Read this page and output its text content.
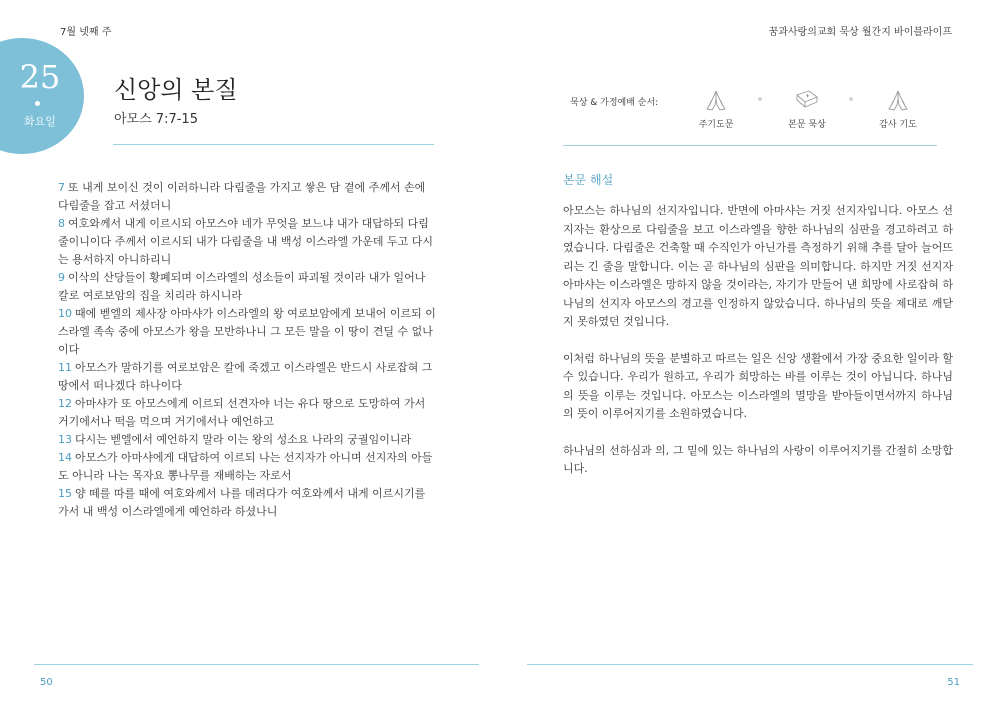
7월 넷째 주	꿈과사랑의교회 묵상 월간지 바이블라이프
25
화요일
신앙의 본질
아모스 7:7-15
묵상 & 가정예배 순서:
주기도문	본문 묵상	감사 기도

7 또 내게 보이신 것이 이러하니라 다림줄을 가지고 쌓은 담 곁에 주께서 손에 다림줄을 잡고 서셨더니

8 여호와께서 내게 이르시되 아모스야 네가 무엇을 보느냐 내가 대답하되 다림줄이니이다 주께서 이르시되 내가 다림줄을 내 백성 이스라엘 가운데 두고 다시는 용서하지 아니하리니

9 이삭의 산당들이 황폐되며 이스라엘의 성소들이 파괴될 것이라 내가 일어나 칼로 여로보암의 집을 치리라 하시니라

10 때에 벧엘의 제사장 아마샤가 이스라엘의 왕 여로보암에게 보내어 이르되 이스라엘 족속 중에 아모스가 왕을 모반하나니 그 모든 말을 이 땅이 견딜 수 없나이다

11 아모스가 말하기를 여로보암은 칼에 죽겠고 이스라엘은 반드시 사로잡혀 그 땅에서 떠나겠다 하나이다

12 아마샤가 또 아모스에게 이르되 선견자야 너는 유다 땅으로 도망하여 가서 거기에서나 떡을 먹으며 거기에서나 예언하고

13 다시는 벧엘에서 예언하지 말라 이는 왕의 성소요 나라의 궁궐임이니라

14 아모스가 아마샤에게 대답하여 이르되 나는 선지자가 아니며 선지자의 아들도 아니라 나는 목자요 뽕나무를 재배하는 자로서

15 양 떼를 따를 때에 여호와께서 나를 데려다가 여호와께서 내게 이르시기를 가서 내 백성 이스라엘에게 예언하라 하셨나니

본문 해설

아모스는 하나님의 선지자입니다. 반면에 아마샤는 거짓 선지자입니다. 아모스 선지자는 환상으로 다림줄을 보고 이스라엘을 향한 하나님의 심판을 경고하려고 하였습니다. 다림줄은 건축할 때 수직인가 아닌가를 측정하기 위해 추를 달아 늘어뜨리는 긴 줄을 말합니다. 이는 곧 하나님의 심판을 의미합니다. 하지만 거짓 선지자 아마샤는 이스라엘은 망하지 않을 것이라는, 자기가 만들어 낸 희망에 사로잡혀 하나님의 선지자 아모스의 경고를 인정하지 않았습니다. 하나님의 뜻을 제대로 깨닫지 못하였던 것입니다.

이처럼 하나님의 뜻을 분별하고 따르는 일은 신앙 생활에서 가장 중요한 일이라 할 수 있습니다. 우리가 원하고, 우리가 희망하는 바를 이루는 것이 아닙니다. 하나님의 뜻을 이루는 것입니다. 아모스는 이스라엘의 멸망을 받아들이면서까지 하나님의 뜻이 이루어지기를 소원하였습니다.

하나님의 선하심과 의, 그 밑에 있는 하나님의 사랑이 이루어지기를 간절히 소망합니다.

50	51
